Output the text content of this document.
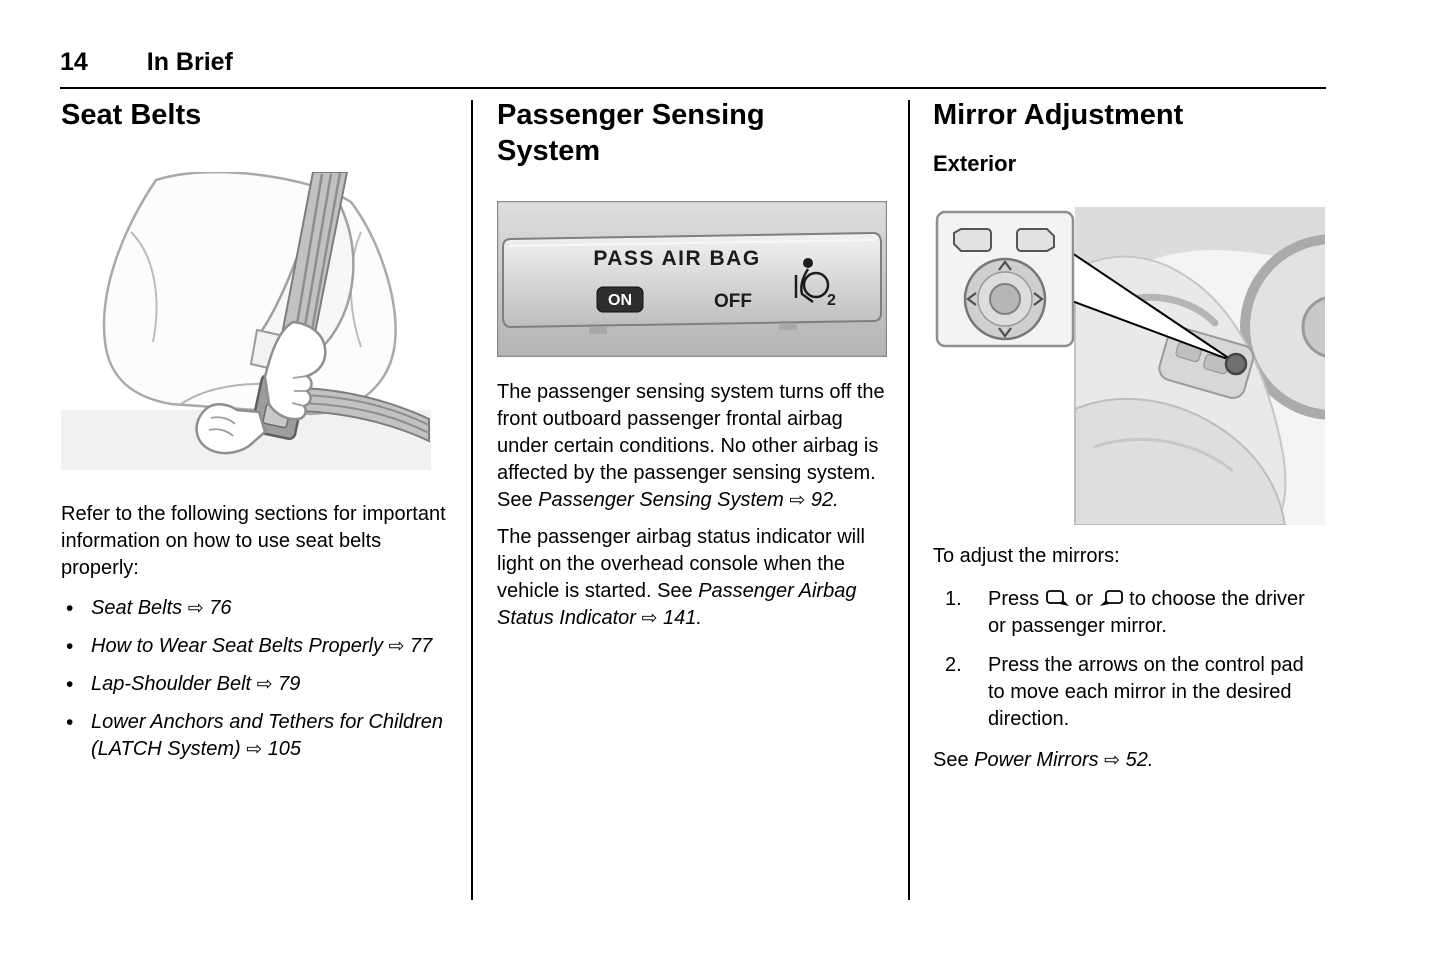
14 In Brief
Seat Belts

Refer to the following sections for important information on how to use seat belts properly:

• Seat Belts ⇨ 76
• How to Wear Seat Belts Properly ⇨ 77
• Lap-Shoulder Belt ⇨ 79
• Lower Anchors and Tethers for Children (LATCH System) ⇨ 105
Passenger Sensing System
PASS AIR BAG
ON	OFF	2

The passenger sensing system turns off the front outboard passenger frontal airbag under certain conditions. No other airbag is affected by the passenger sensing system. See Passenger Sensing System ⇨ 92.

The passenger airbag status indicator will light on the overhead console when the vehicle is started. See Passenger Airbag Status Indicator ⇨ 141.

Mirror Adjustment
Exterior

To adjust the mirrors:

1.	Press or to choose the driver or passenger mirror.
2.	Press the arrows on the control pad to move each mirror in the desired direction.

See Power Mirrors ⇨ 52.
